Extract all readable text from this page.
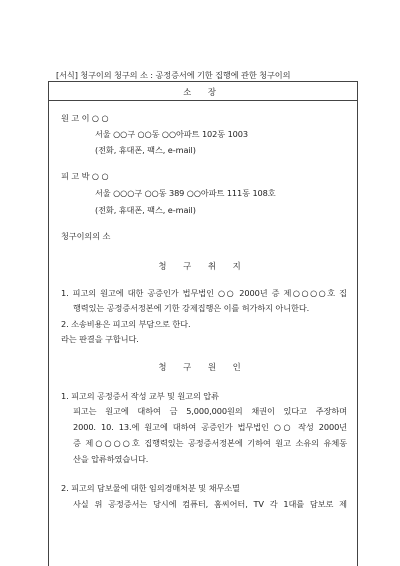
[서식] 청구이의 청구의 소 : 공정증서에 기한 집행에 관한 청구이의
소 장
원 고 이 ○ ○
서울 ○○구 ○○동 ○○아파트 102동 1003
(전화, 휴대폰, 팩스, e-mail)
피 고 박 ○ ○
서울 ○○○구 ○○동 389 ○○아파트 111동 108호
(전화, 휴대폰, 팩스, e-mail)
청구이의의 소
청 구 취 지
1. 피고의 원고에 대한 공증인가 법무법인 ○○ 2000년 증 제○○○○호 집
행력있는 공정증서정본에 기한 강제집행은 이를 허가하지 아니한다.
2. 소송비용은 피고의 부담으로 한다.
라는 판결을 구합니다.
청 구 원 인
1. 피고의 공정증서 작성 교부 및 원고의 압류
피고는 원고에 대하여 금 5,000,000원의 채권이 있다고 주장하며
2000. 10. 13.에 원고에 대하여 공증인가 법무법인 ○○ 작성 2000년
증 제○○○○호 집행력있는 공정증서정본에 기하여 원고 소유의 유체동
산을 압류하였습니다.
2. 피고의 담보물에 대한 임의경매처분 및 채무소멸
사실 위 공정증서는 당시에 컴퓨터, 홈씨어터, TV 각 1대를 담보로 제
